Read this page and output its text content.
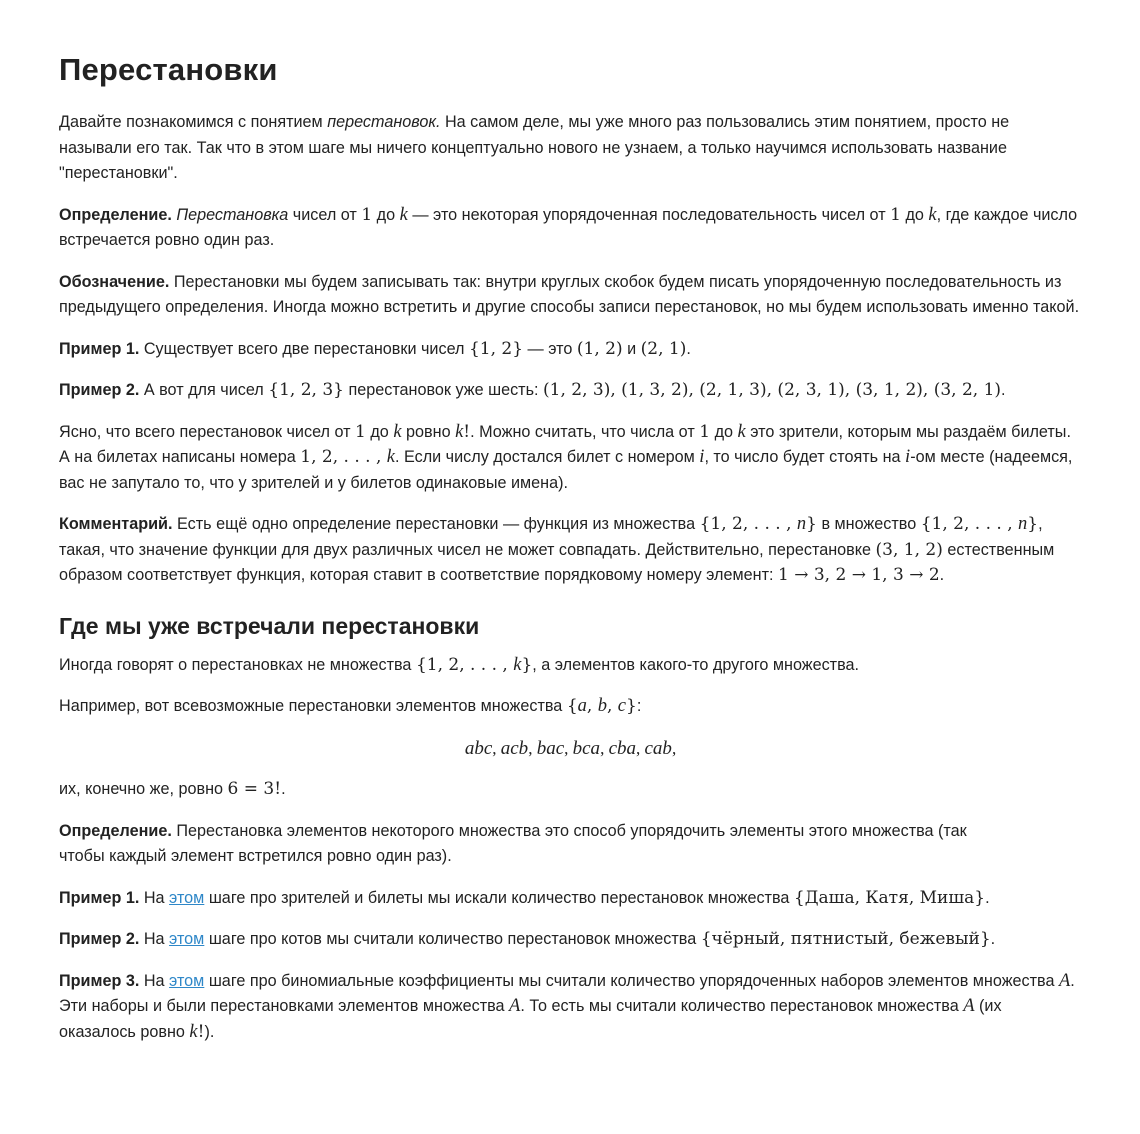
Перестановки

Давайте познакомимся с понятием перестановок. На самом деле, мы уже много раз пользовались этим понятием, просто не называли его так. Так что в этом шаге мы ничего концептуально нового не узнаем, а только научимся использовать название "перестановки".

Определение. Перестановка чисел от 1 до k — это некоторая упорядоченная последовательность чисел от 1 до k, где каждое число встречается ровно один раз.

Обозначение. Перестановки мы будем записывать так: внутри круглых скобок будем писать упорядоченную последовательность из предыдущего определения. Иногда можно встретить и другие способы записи перестановок, но мы будем использовать именно такой.

Пример 1. Существует всего две перестановки чисел {1, 2} — это (1, 2) и (2, 1).

Пример 2. А вот для чисел {1, 2, 3} перестановок уже шесть: (1, 2, 3), (1, 3, 2), (2, 1, 3), (2, 3, 1), (3, 1, 2), (3, 2, 1).

Ясно, что всего перестановок чисел от 1 до k ровно k!. Можно считать, что числа от 1 до k это зрители, которым мы раздаём билеты. А на билетах написаны номера 1, 2, . . . , k. Если числу достался билет с номером i, то число будет стоять на i-ом месте (надеемся, вас не запутало то, что у зрителей и у билетов одинаковые имена).

Комментарий. Есть ещё одно определение перестановки — функция из множества {1, 2, . . . , n} в множество {1, 2, . . . , n}, такая, что значение функции для двух различных чисел не может совпадать. Действительно, перестановке (3, 1, 2) естественным образом соответствует функция, которая ставит в соответствие порядковому номеру элемент: 1 → 3, 2 → 1, 3 → 2.

Где мы уже встречали перестановки

Иногда говорят о перестановках не множества {1, 2, . . . , k}, а элементов какого-то другого множества.

Например, вот всевозможные перестановки элементов множества {a, b, c}:

abc, acb, bac, bca, cba, cab,

их, конечно же, ровно 6 = 3!.

Определение. Перестановка элементов некоторого множества это способ упорядочить элементы этого множества (так чтобы каждый элемент встретился ровно один раз).

Пример 1. На этом шаге про зрителей и билеты мы искали количество перестановок множества {Даша, Катя, Миша}.

Пример 2. На этом шаге про котов мы считали количество перестановок множества {чёрный, пятнистый, бежевый}.

Пример 3. На этом шаге про биномиальные коэффициенты мы считали количество упорядоченных наборов элементов множества A. Эти наборы и были перестановками элементов множества A. То есть мы считали количество перестановок множества A (их оказалось ровно k!).
